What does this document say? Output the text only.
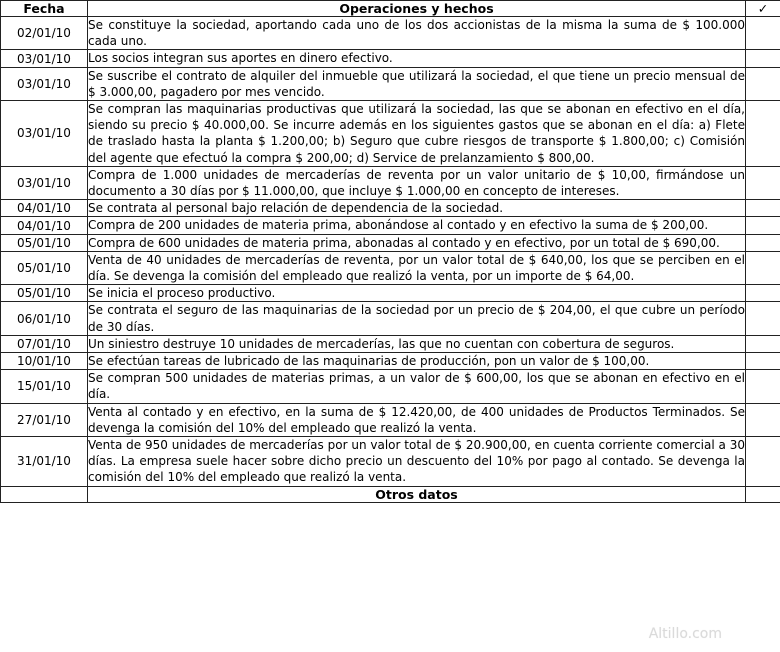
Fecha	Operaciones y hechos	✓
02/01/10	Se constituye la sociedad, aportando cada uno de los dos accionistas de la misma la suma de $ 100.000 cada uno.	
03/01/10	Los socios integran sus aportes en dinero efectivo.	
03/01/10	Se suscribe el contrato de alquiler del inmueble que utilizará la sociedad, el que tiene un precio mensual de $ 3.000,00, pagadero por mes vencido.	
03/01/10	Se compran las maquinarias productivas que utilizará la sociedad, las que se abonan en efectivo en el día, siendo su precio $ 40.000,00. Se incurre además en los siguientes gastos que se abonan en el día: a) Flete de traslado hasta la planta $ 1.200,00; b) Seguro que cubre riesgos de transporte $ 1.800,00; c) Comisión del agente que efectuó la compra $ 200,00; d) Service de prelanzamiento $ 800,00.	
03/01/10	Compra de 1.000 unidades de mercaderías de reventa por un valor unitario de $ 10,00, firmándose un documento a 30 días por $ 11.000,00, que incluye $ 1.000,00 en concepto de intereses.	
04/01/10	Se contrata al personal bajo relación de dependencia de la sociedad.	
04/01/10	Compra de 200 unidades de materia prima, abonándose al contado y en efectivo la suma de $ 200,00.	
05/01/10	Compra de 600 unidades de materia prima, abonadas al contado y en efectivo, por un total de $ 690,00.	
05/01/10	Venta de 40 unidades de mercaderías de reventa, por un valor total de $ 640,00, los que se perciben en el día. Se devenga la comisión del empleado que realizó la venta, por un importe de $ 64,00.	
05/01/10	Se inicia el proceso productivo.	
06/01/10	Se contrata el seguro de las maquinarias de la sociedad por un precio de $ 204,00, el que cubre un período de 30 días.	
07/01/10	Un siniestro destruye 10 unidades de mercaderías, las que no cuentan con cobertura de seguros.	
10/01/10	Se efectúan tareas de lubricado de las maquinarias de producción, pon un valor de $ 100,00.	
15/01/10	Se compran 500 unidades de materias primas, a un valor de $ 600,00, los que se abonan en efectivo en el día.	
27/01/10	Venta al contado y en efectivo, en la suma de $ 12.420,00, de 400 unidades de Productos Terminados. Se devenga la comisión del 10% del empleado que realizó la venta.	
31/01/10	Venta de 950 unidades de mercaderías por un valor total de $ 20.900,00, en cuenta corriente comercial a 30 días. La empresa suele hacer sobre dicho precio un descuento del 10% por pago al contado. Se devenga la comisión del 10% del empleado que realizó la venta.	
	Otros datos	
Altillo.com
